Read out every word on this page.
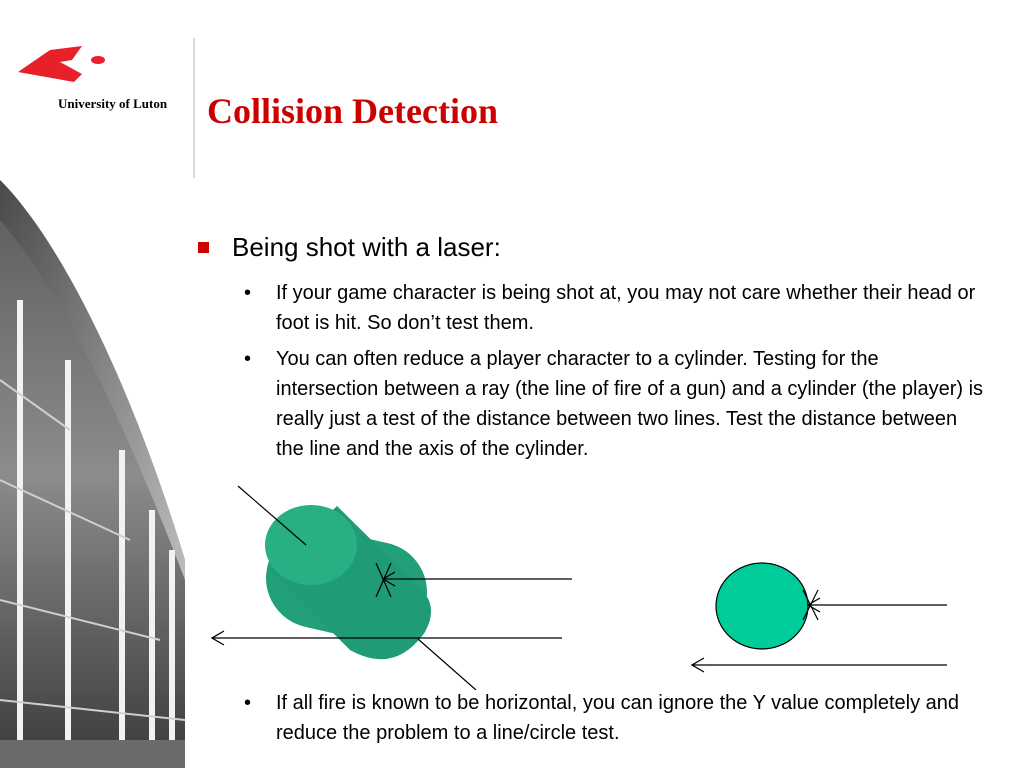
University of Luton Collision Detection
Being shot with a laser:
• If your game character is being shot at, you may not care whether their head or foot is hit. So don’t test them.
• You can often reduce a player character to a cylinder. Testing for the intersection between a ray (the line of fire of a gun) and a cylinder (the player) is really just a test of the distance between two lines. Test the distance between the line and the axis of the cylinder.
• If all fire is known to be horizontal, you can ignore the Y value completely and reduce the problem to a line/circle test.
